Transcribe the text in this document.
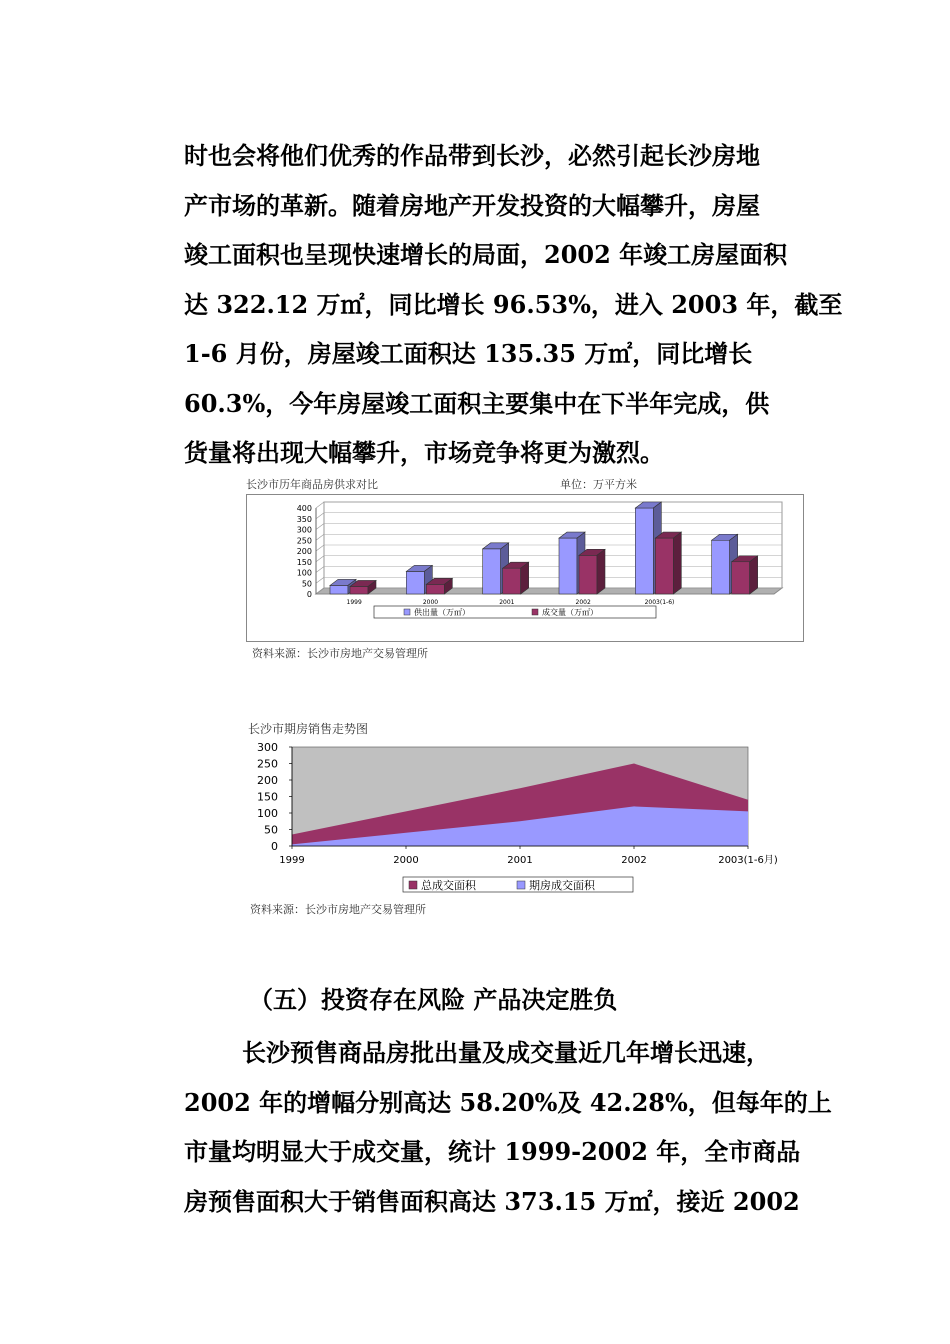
时也会将他们优秀的作品带到长沙，必然引起长沙房地
产市场的革新。随着房地产开发投资的大幅攀升，房屋
竣工面积也呈现快速增长的局面，2002 年竣工房屋面积
达 322.12 万㎡，同比增长 96.53%，进入 2003 年，截至
1-6 月份，房屋竣工面积达 135.35 万㎡，同比增长
60.3%，今年房屋竣工面积主要集中在下半年完成，供
货量将出现大幅攀升，市场竞争将更为激烈。
长沙市历年商品房供求对比	单位：万平方米
0
50
100
150
200
250
300
350
400
1999	2000	2001	2002	2003(1-6)
供出量（万㎡）	成交量（万㎡）
资料来源：长沙市房地产交易管理所
长沙市期房销售走势图
0
50
100
150
200
250
300
1999	2000	2001	2002	2003(1-6月)
总成交面积	期房成交面积
资料来源：长沙市房地产交易管理所
（五）投资存在风险 产品决定胜负
长沙预售商品房批出量及成交量近几年增长迅速，
2002 年的增幅分别高达 58.20%及 42.28%，但每年的上
市量均明显大于成交量，统计 1999-2002 年，全市商品
房预售面积大于销售面积高达 373.15 万㎡，接近 2002
